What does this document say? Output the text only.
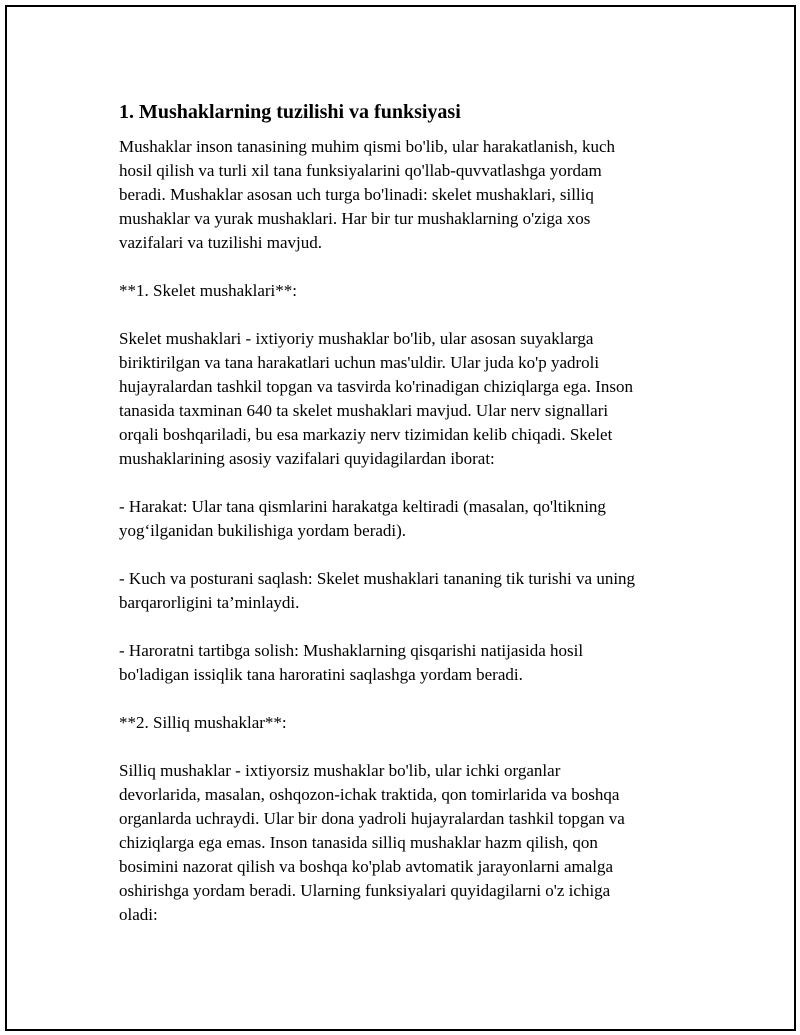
1. Mushaklarning tuzilishi va funksiyasi
Mushaklar inson tanasining muhim qismi bo'lib, ular harakatlanish, kuch
hosil qilish va turli xil tana funksiyalarini qo'llab-quvvatlashga yordam
beradi. Mushaklar asosan uch turga bo'linadi: skelet mushaklari, silliq
mushaklar va yurak mushaklari. Har bir tur mushaklarning o'ziga xos
vazifalari va tuzilishi mavjud.
**1. Skelet mushaklari**:
Skelet mushaklari - ixtiyoriy mushaklar bo'lib, ular asosan suyaklarga
biriktirilgan va tana harakatlari uchun mas'uldir. Ular juda ko'p yadroli
hujayralardan tashkil topgan va tasvirda ko'rinadigan chiziqlarga ega. Inson
tanasida taxminan 640 ta skelet mushaklari mavjud. Ular nerv signallari
orqali boshqariladi, bu esa markaziy nerv tizimidan kelib chiqadi. Skelet
mushaklarining asosiy vazifalari quyidagilardan iborat:
- Harakat: Ular tana qismlarini harakatga keltiradi (masalan, qo'ltikning
yog‘ilganidan bukilishiga yordam beradi).
- Kuch va posturani saqlash: Skelet mushaklari tananing tik turishi va uning
barqarorligini ta’minlaydi.
- Haroratni tartibga solish: Mushaklarning qisqarishi natijasida hosil
bo'ladigan issiqlik tana haroratini saqlashga yordam beradi.
**2. Silliq mushaklar**:
Silliq mushaklar - ixtiyorsiz mushaklar bo'lib, ular ichki organlar
devorlarida, masalan, oshqozon-ichak traktida, qon tomirlarida va boshqa
organlarda uchraydi. Ular bir dona yadroli hujayralardan tashkil topgan va
chiziqlarga ega emas. Inson tanasida silliq mushaklar hazm qilish, qon
bosimini nazorat qilish va boshqa ko'plab avtomatik jarayonlarni amalga
oshirishga yordam beradi. Ularning funksiyalari quyidagilarni o'z ichiga
oladi:
